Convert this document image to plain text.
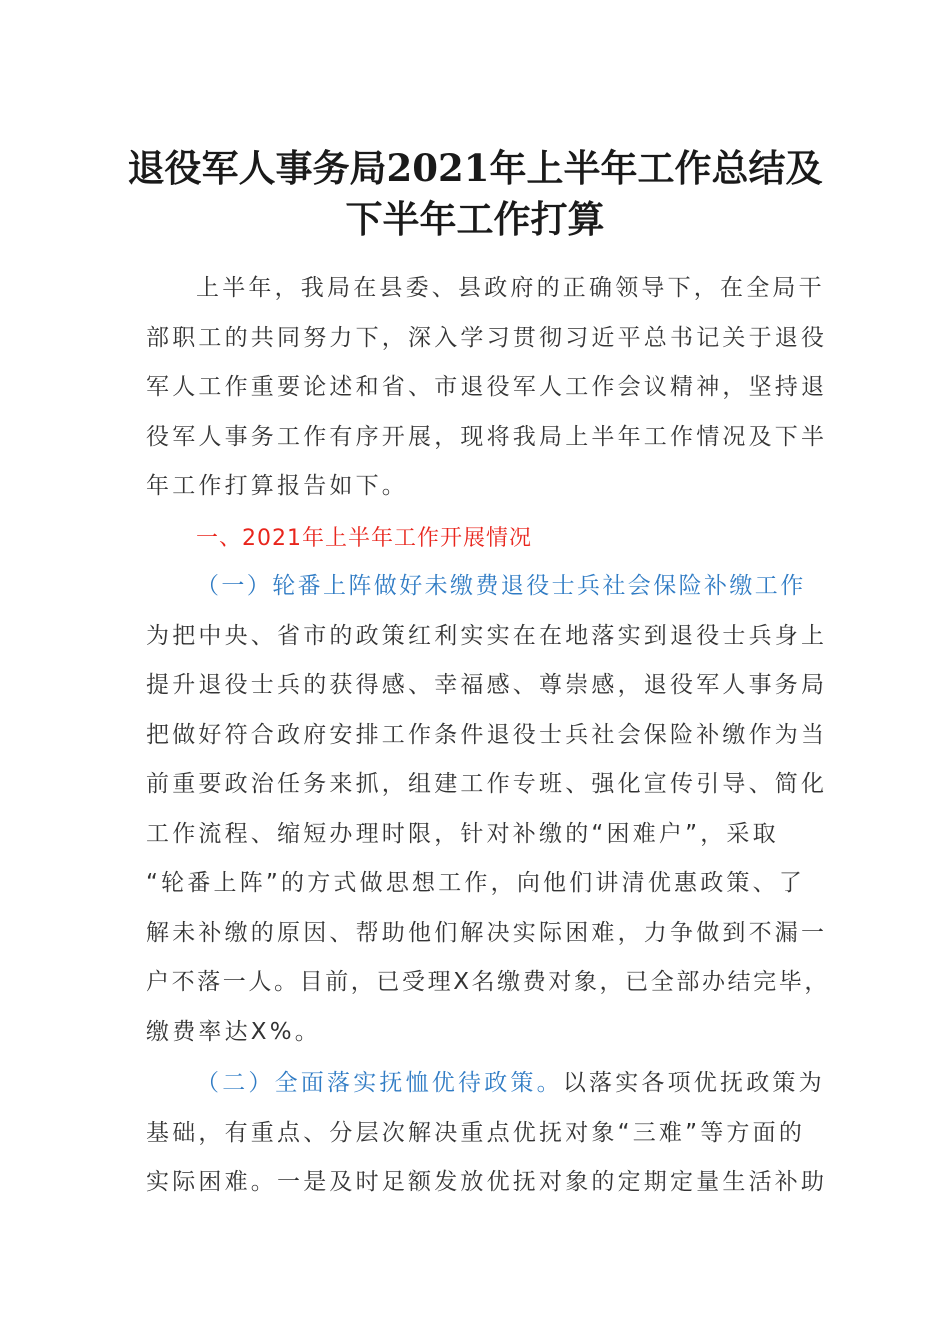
退役军人事务局2021年上半年工作总结及
下半年工作打算
上半年，我局在县委、县政府的正确领导下，在全局干
部职工的共同努力下，深入学习贯彻习近平总书记关于退役
军人工作重要论述和省、市退役军人工作会议精神，坚持退
役军人事务工作有序开展，现将我局上半年工作情况及下半
年工作打算报告如下。
一、2021年上半年工作开展情况
（一）轮番上阵做好未缴费退役士兵社会保险补缴工作
为把中央、省市的政策红利实实在在地落实到退役士兵身上
提升退役士兵的获得感、幸福感、尊崇感，退役军人事务局
把做好符合政府安排工作条件退役士兵社会保险补缴作为当
前重要政治任务来抓，组建工作专班、强化宣传引导、简化
工作流程、缩短办理时限，针对补缴的“困难户”，采取
“轮番上阵”的方式做思想工作，向他们讲清优惠政策、了
解未补缴的原因、帮助他们解决实际困难，力争做到不漏一
户不落一人。目前，已受理X名缴费对象，已全部办结完毕，
缴费率达X%。
（二）全面落实抚恤优待政策。以落实各项优抚政策为
基础，有重点、分层次解决重点优抚对象“三难”等方面的
实际困难。一是及时足额发放优抚对象的定期定量生活补助
